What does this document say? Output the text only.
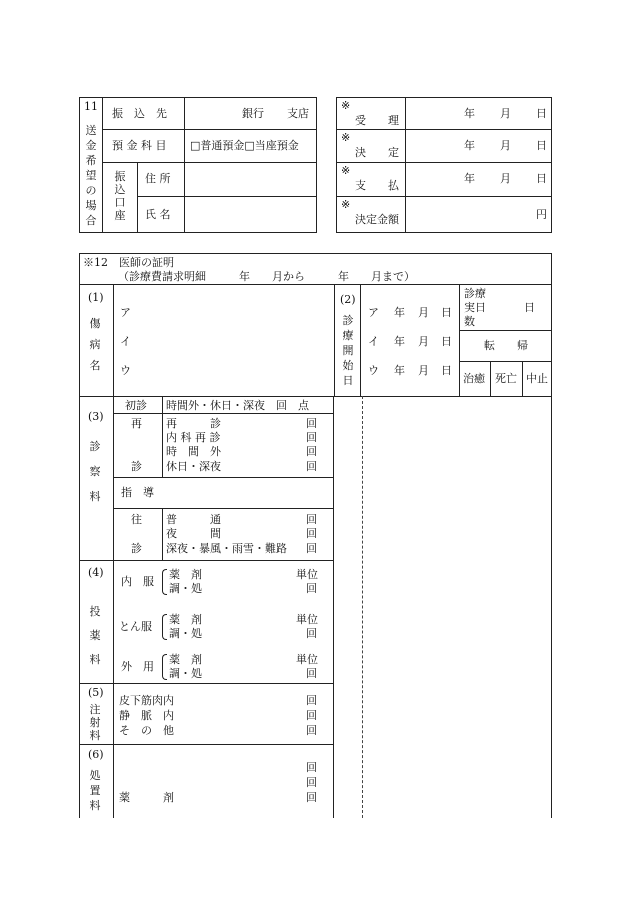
11
送金希望の場合
振　込　先	銀行 支店
預 金 科 目 □普通預金□当座預金
振込口座
住 所
氏 名
※
受　　理
年 月 日
※
決　　定
年 月 日
※
支　　払
年 月 日
※
決定金額	円
※12　医師の証明
（診療費請求明細　　　年　　月から　　　年　　月まで）
(1)
傷病名
ア
イ
ウ
(2)
診療開始日
ア 年 月 日
イ 年 月 日
ウ 年 月 日
診療
実日
数
日
転　　帰
治癒 死亡 中止
(3)
診察料
初診 時間外・休日・深夜　回　点
再
診
再　　　診
内 科 再 診
時　間　外
休日・深夜
回
回
回
回
指　導
往
診
普　　　通
夜　　　間
深夜・暴風・雨雪・難路
回
回
回
(4)
投薬料
内　服
薬　剤
調・処
単位
回
とん服
薬　剤
調・処
単位
回
外　用
薬　剤
調・処
単位
回
(5)
注射料
皮下筋肉内
静　脈　内
そ　の　他
回
回
回
(6)
処置料
回
回
回
薬　　　剤
